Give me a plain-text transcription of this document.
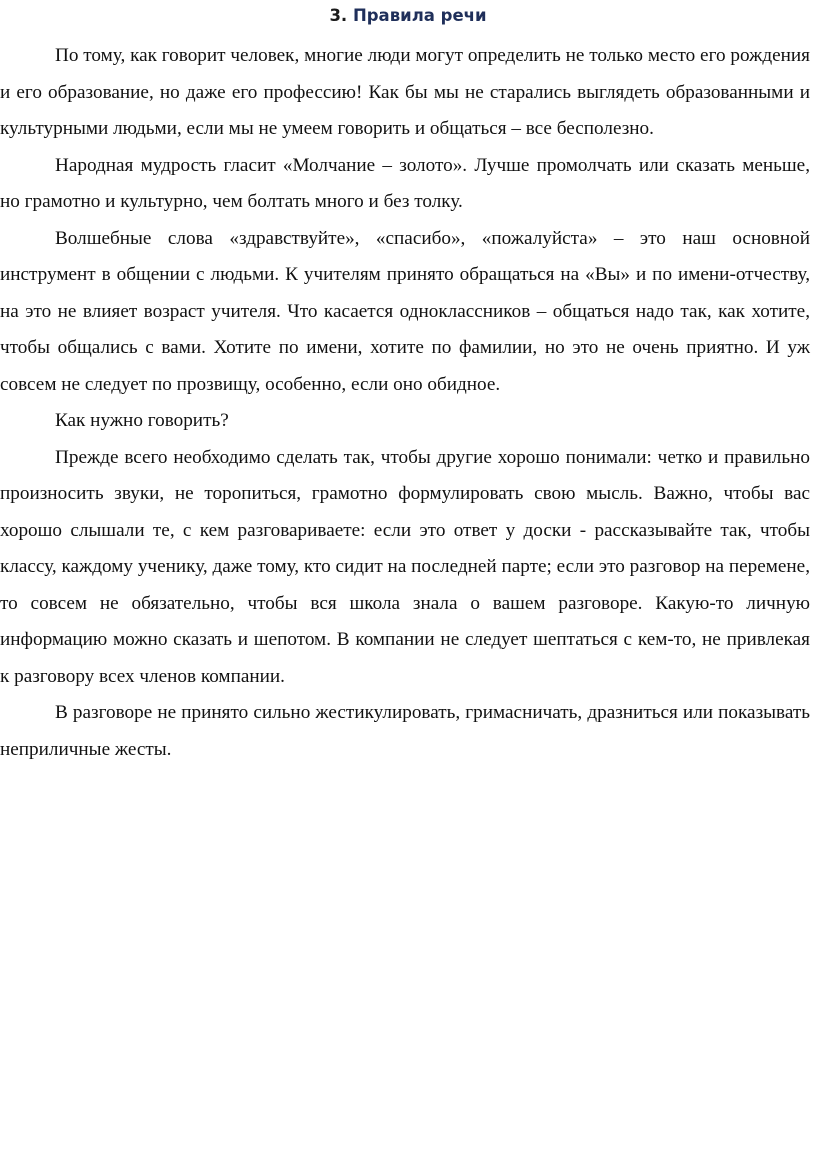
3. Правила речи

По тому, как говорит человек, многие люди могут определить не только место его рождения и его образование, но даже его профессию! Как бы мы не старались выглядеть образованными и культурными людьми, если мы не умеем говорить и общаться – все бесполезно.

Народная мудрость гласит «Молчание – золото». Лучше промолчать или сказать меньше, но грамотно и культурно, чем болтать много и без толку.

Волшебные слова «здравствуйте», «спасибо», «пожалуйста» – это наш основной инструмент в общении с людьми. К учителям принято обращаться на «Вы» и по имени-отчеству, на это не влияет возраст учителя. Что касается одноклассников – общаться надо так, как хотите, чтобы общались с вами. Хотите по имени, хотите по фамилии, но это не очень приятно. И уж совсем не следует по прозвищу, особенно, если оно обидное.

Как нужно говорить?

Прежде всего необходимо сделать так, чтобы другие хорошо понимали: четко и правильно произносить звуки, не торопиться, грамотно формулировать свою мысль. Важно, чтобы вас хорошо слышали те, с кем разговариваете: если это ответ у доски - рассказывайте так, чтобы классу, каждому ученику, даже тому, кто сидит на последней парте; если это разговор на перемене, то совсем не обязательно, чтобы вся школа знала о вашем разговоре. Какую-то личную информацию можно сказать и шепотом. В компании не следует шептаться с кем-то, не привлекая к разговору всех членов компании.

В разговоре не принято сильно жестикулировать, гримасничать, дразниться или показывать неприличные жесты.
